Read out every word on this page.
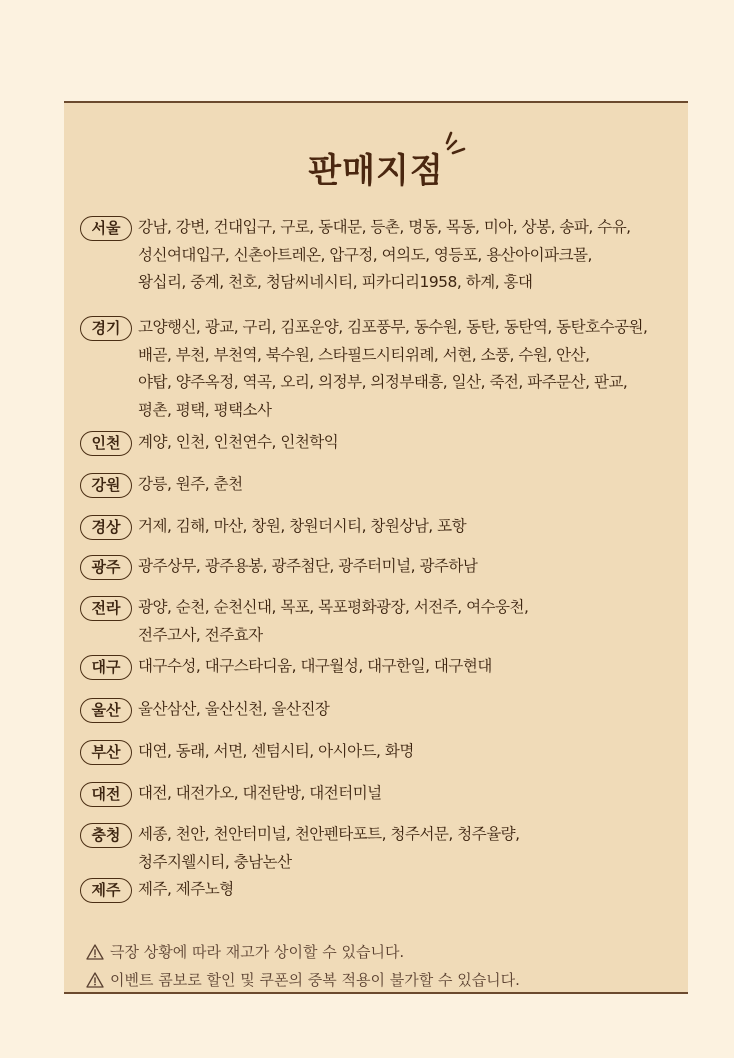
판매지점
서울	강남, 강변, 건대입구, 구로, 동대문, 등촌, 명동, 목동, 미아, 상봉, 송파, 수유,
성신여대입구, 신촌아트레온, 압구정, 여의도, 영등포, 용산아이파크몰,
왕십리, 중계, 천호, 청담씨네시티, 피카디리1958, 하계, 홍대
경기	고양행신, 광교, 구리, 김포운양, 김포풍무, 동수원, 동탄, 동탄역, 동탄호수공원,
배곧, 부천, 부천역, 북수원, 스타필드시티위례, 서현, 소풍, 수원, 안산,
야탑, 양주옥정, 역곡, 오리, 의정부, 의정부태흥, 일산, 죽전, 파주문산, 판교,
평촌, 평택, 평택소사
인천	계양, 인천, 인천연수, 인천학익
강원	강릉, 원주, 춘천
경상	거제, 김해, 마산, 창원, 창원더시티, 창원상남, 포항
광주	광주상무, 광주용봉, 광주첨단, 광주터미널, 광주하남
전라	광양, 순천, 순천신대, 목포, 목포평화광장, 서전주, 여수웅천,
전주고사, 전주효자
대구	대구수성, 대구스타디움, 대구월성, 대구한일, 대구현대
울산	울산삼산, 울산신천, 울산진장
부산	대연, 동래, 서면, 센텀시티, 아시아드, 화명
대전	대전, 대전가오, 대전탄방, 대전터미널
충청	세종, 천안, 천안터미널, 천안펜타포트, 청주서문, 청주율량,
청주지웰시티, 충남논산
제주	제주, 제주노형
극장 상황에 따라 재고가 상이할 수 있습니다.
이벤트 콤보로 할인 및 쿠폰의 중복 적용이 불가할 수 있습니다.
